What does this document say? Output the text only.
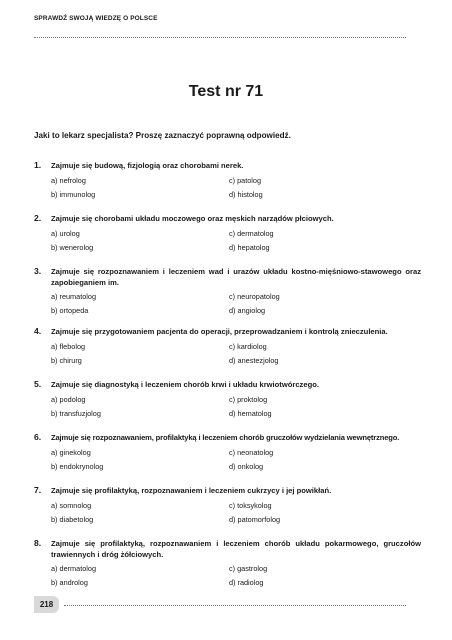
SPRAWDŹ SWOJĄ WIEDZĘ O POLSCE
Test nr 71
Jaki to lekarz specjalista? Proszę zaznaczyć poprawną odpowiedź.
1. Zajmuje się budową, fizjologią oraz chorobami nerek.
a) nefrolog
b) immunolog
c) patolog
d) histolog
2. Zajmuje się chorobami układu moczowego oraz męskich narządów płciowych.
a) urolog
b) wenerolog
c) dermatolog
d) hepatolog
3. Zajmuje się rozpoznawaniem i leczeniem wad i urazów układu kostno-mięśniowo-stawowego oraz zapobieganiem im.
a) reumatolog
b) ortopeda
c) neuropatolog
d) angiolog
4. Zajmuje się przygotowaniem pacjenta do operacji, przeprowadzaniem i kontrolą znieczulenia.
a) flebolog
b) chirurg
c) kardiolog
d) anestezjolog
5. Zajmuje się diagnostyką i leczeniem chorób krwi i układu krwiotwórczego.
a) podolog
b) transfuzjolog
c) proktolog
d) hematolog
6. Zajmuje się rozpoznawaniem, profilaktyką i leczeniem chorób gruczołów wydzielania wewnętrznego.
a) ginekolog
b) endokrynolog
c) neonatolog
d) onkolog
7. Zajmuje się profilaktyką, rozpoznawaniem i leczeniem cukrzycy i jej powikłań.
a) somnolog
b) diabetolog
c) toksykolog
d) patomorfolog
8. Zajmuje się profilaktyką, rozpoznawaniem i leczeniem chorób układu pokarmowego, gruczołów trawiennych i dróg żółciowych.
a) dermatolog
b) androlog
c) gastrolog
d) radiolog
218
